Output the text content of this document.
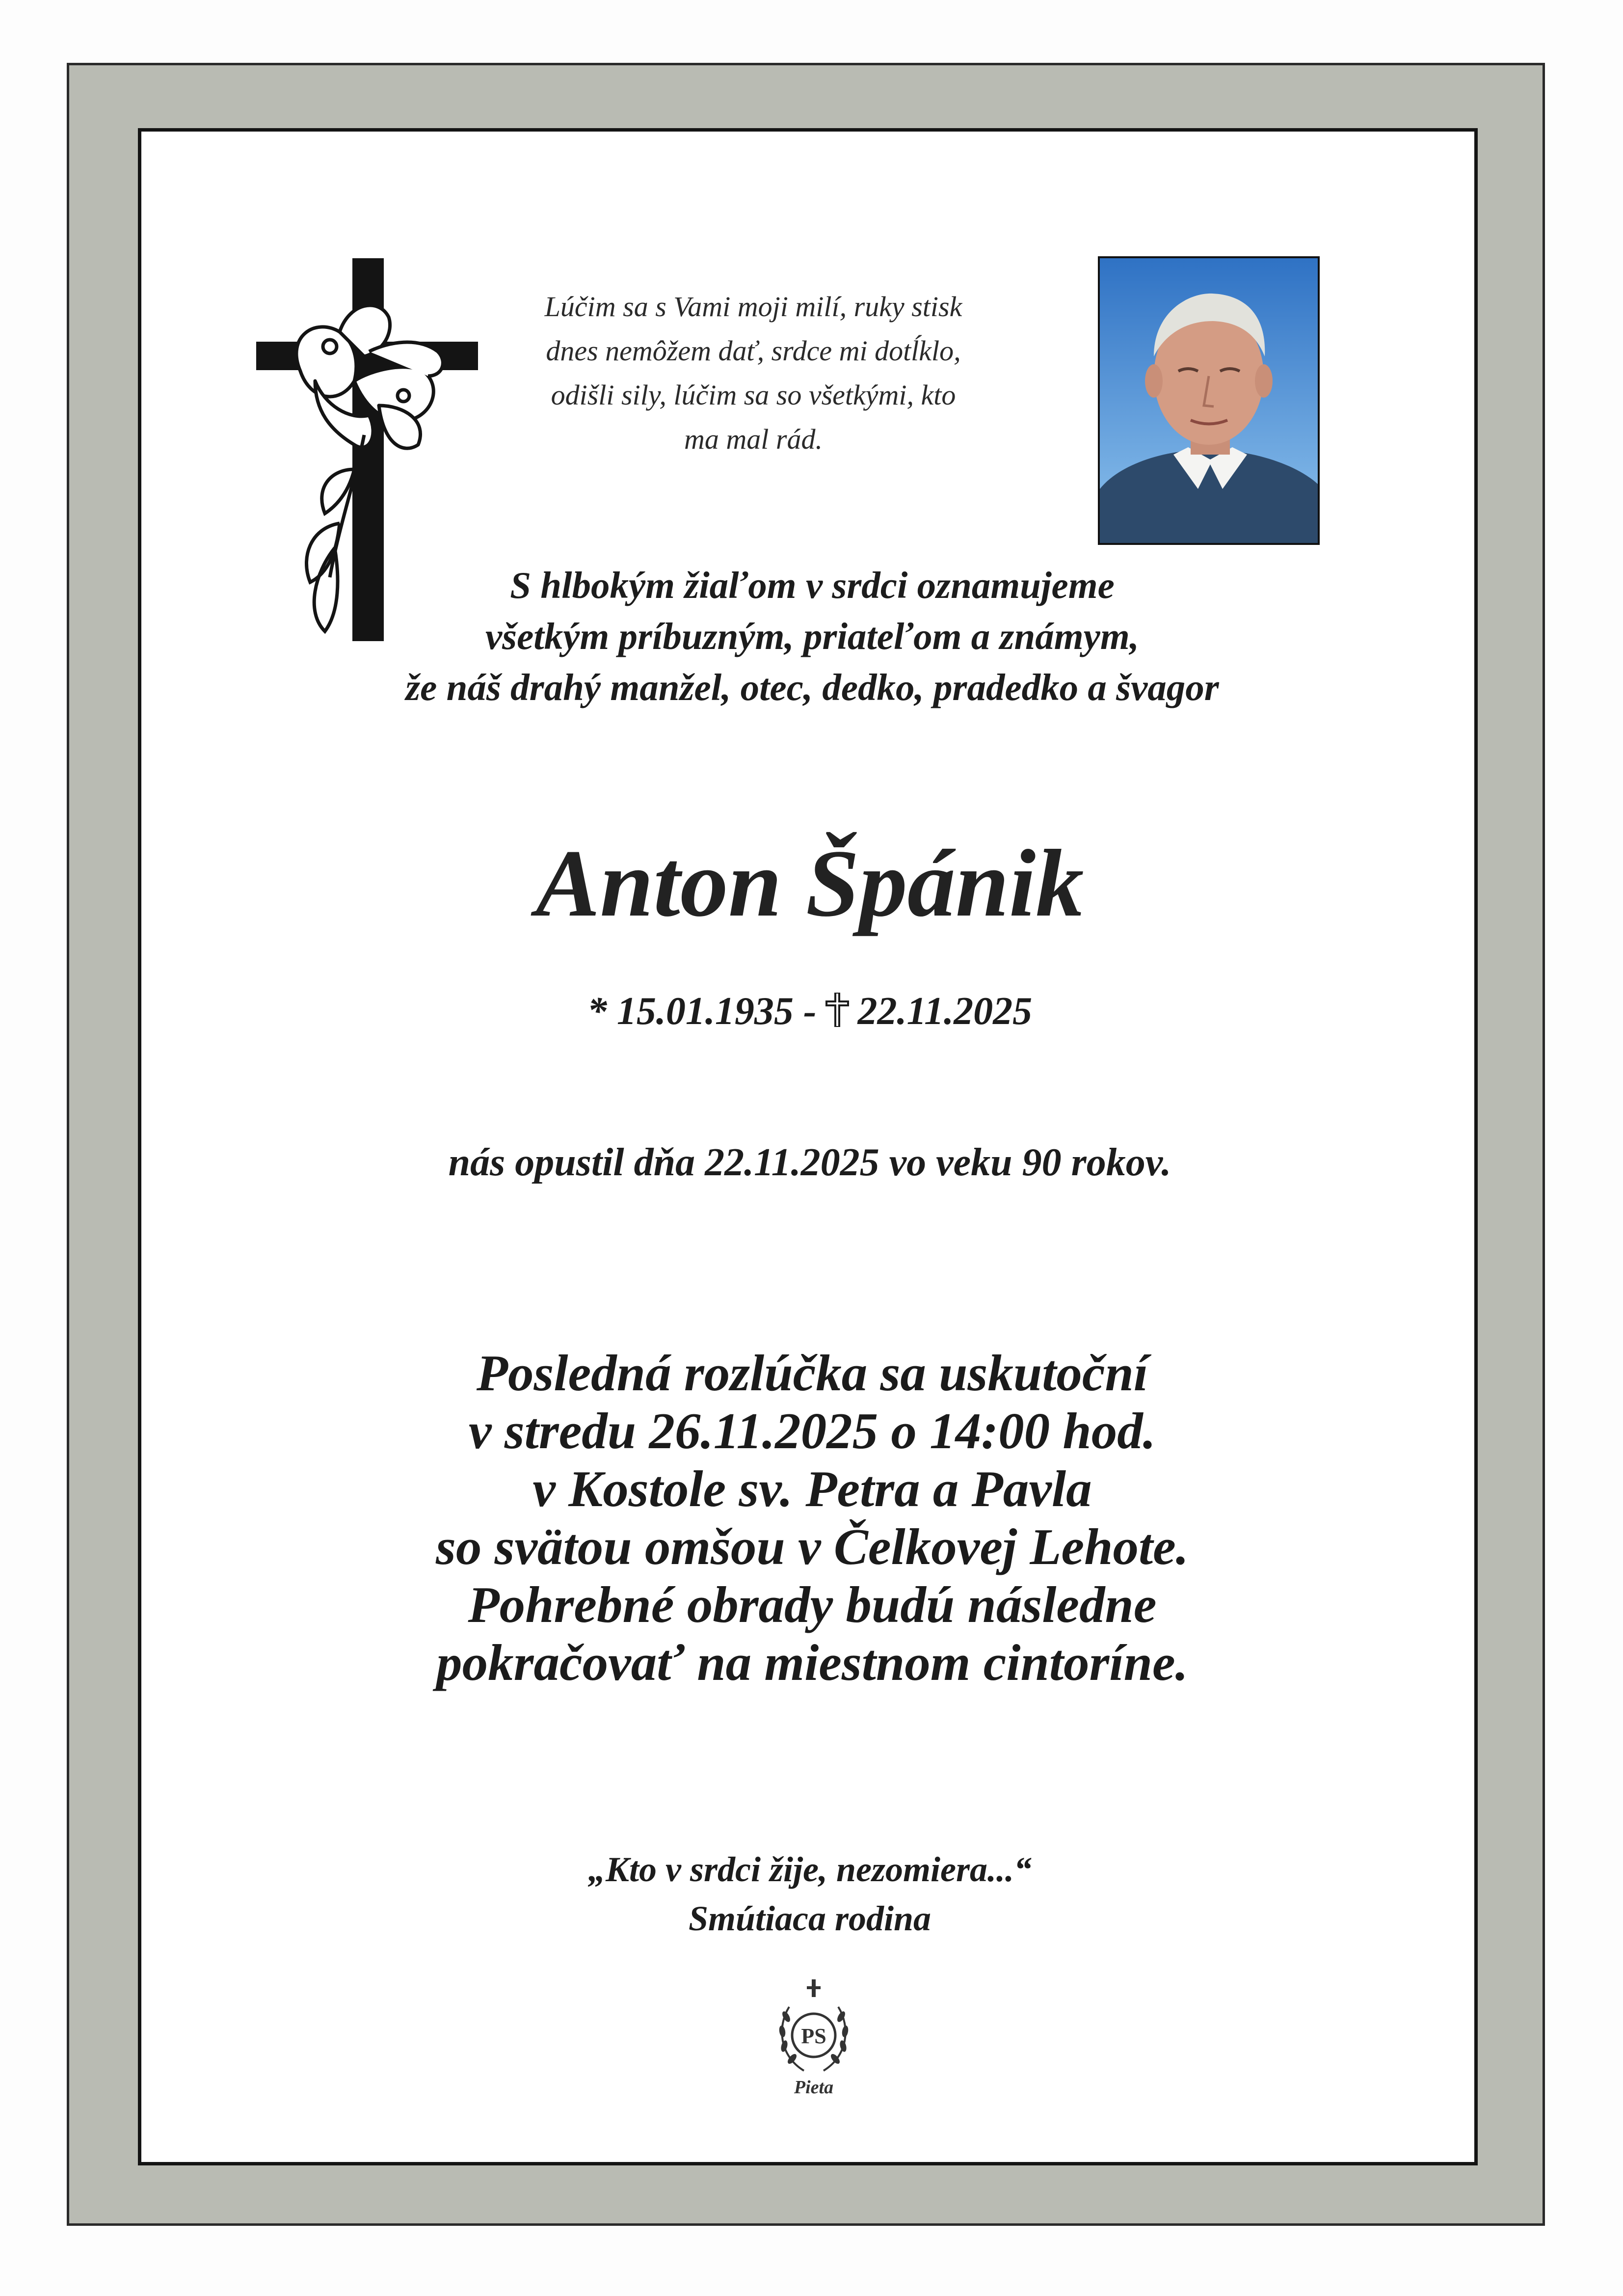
Lúčim sa s Vami moji milí, ruky stisk
dnes nemôžem dať, srdce mi dotĺklo,
odišli sily, lúčim sa so všetkými, kto
ma mal rád.
S hlbokým žiaľom v srdci oznamujeme
všetkým príbuzným, priateľom a známym,
že náš drahý manžel, otec, dedko, pradedko a švagor
Anton Špánik
* 15.01.1935 - 22.11.2025
nás opustil dňa 22.11.2025 vo veku 90 rokov.
Posledná rozlúčka sa uskutoční
v stredu 26.11.2025 o 14:00 hod.
v Kostole sv. Petra a Pavla
so svätou omšou v Čelkovej Lehote.
Pohrebné obrady budú následne
pokračovať na miestnom cintoríne.
„Kto v srdci žije, nezomiera...“
Smútiaca rodina
PS
Pieta
